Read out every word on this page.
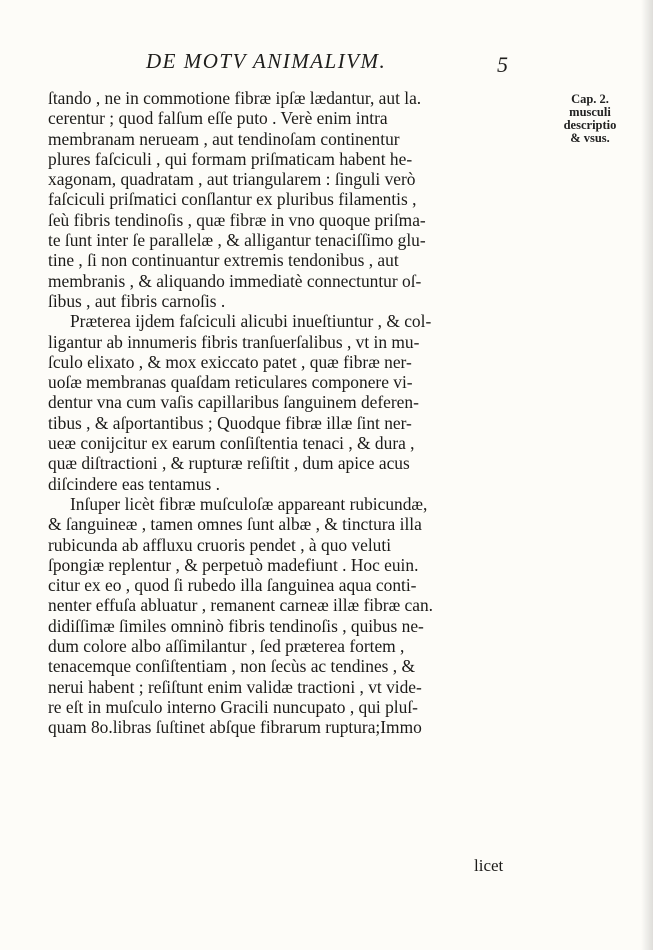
DE MOTV ANIMALIVM.	5
Cap. 2.
musculi
descriptio
& vsus.

ſtando , ne in commotione fibræ ipſæ lædantur, aut la.
cerentur ; quod falſum eſſe puto . Verè enim intra
membranam nerueam , aut tendinoſam continentur
plures faſciculi , qui formam priſmaticam habent he-
xagonam, quadratam , aut triangularem : ſinguli verò
faſciculi priſmatici conſlantur ex pluribus filamentis ,
ſeù fibris tendinoſis , quæ fibræ in vno quoque priſma-
te ſunt inter ſe parallelæ , & alligantur tenaciſſimo glu-
tine , ſi non continuantur extremis tendonibus , aut
membranis , & aliquando immediatè connectuntur oſ-
ſibus , aut fibris carnoſis .

Præterea ijdem faſciculi alicubi inueſtiuntur , & col-
ligantur ab innumeris fibris tranſuerſalibus , vt in mu-
ſculo elixato , & mox exiccato patet , quæ fibræ ner-
uoſæ membranas quaſdam reticulares componere vi-
dentur vna cum vaſis capillaribus ſanguinem deferen-
tibus , & aſportantibus ; Quodque fibræ illæ ſint ner-
ueæ conijcitur ex earum conſiſtentia tenaci , & dura ,
quæ diſtractioni , & rupturæ reſiſtit , dum apice acus
diſcindere eas tentamus .

Inſuper licèt fibræ muſculoſæ appareant rubicundæ,
& ſanguineæ , tamen omnes ſunt albæ , & tinctura illa
rubicunda ab affluxu cruoris pendet , à quo veluti
ſpongiæ replentur , & perpetuò madefiunt . Hoc euin.
citur ex eo , quod ſi rubedo illa ſanguinea aqua conti-
nenter effuſa abluatur , remanent carneæ illæ fibræ can.
didiſſimæ ſimiles omninò fibris tendinoſis , quibus ne-
dum colore albo aſſimilantur , ſed præterea fortem ,
tenacemque conſiſtentiam , non ſecùs ac tendines , &
nerui habent ; reſiſtunt enim validæ tractioni , vt vide-
re eſt in muſculo interno Gracili nuncupato , qui pluſ-
quam 8o.libras ſuſtinet abſque fibrarum ruptura;Immo

licet
